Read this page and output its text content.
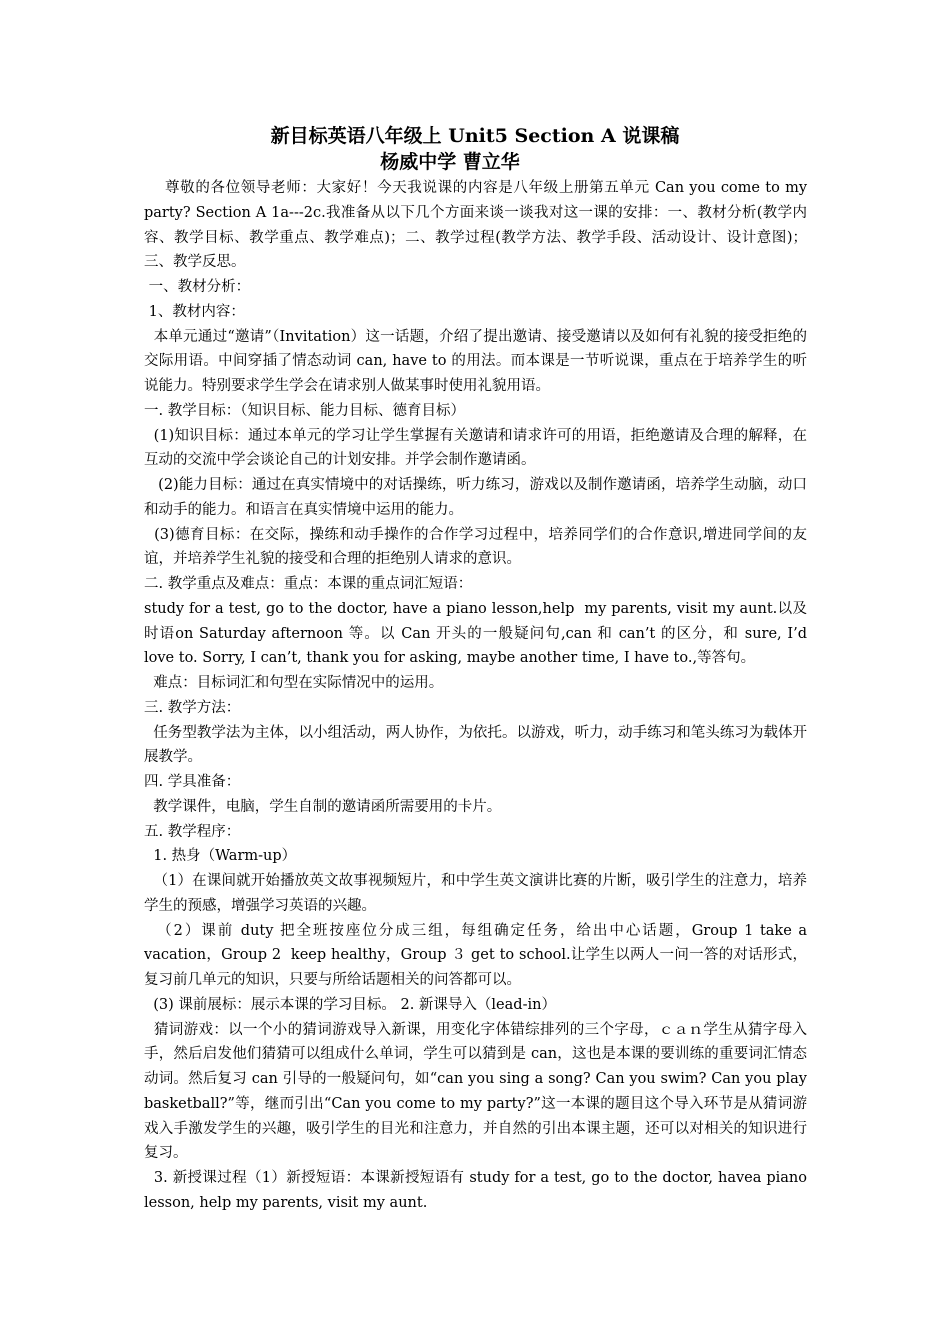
新目标英语八年级上 Unit5 Section A 说课稿
杨威中学 曹立华

尊敬的各位领导老师：大家好！今天我说课的内容是八年级上册第五单元 Can you come to my party? Section A 1a---2c.我准备从以下几个方面来谈一谈我对这一课的安排：一、教材分析(教学内容、教学目标、教学重点、教学难点)；二、教学过程(教学方法、教学手段、活动设计、设计意图)；三、教学反思。

一、教材分析：

1、教材内容：

本单元通过“邀请”（Invitation）这一话题，介绍了提出邀请、接受邀请以及如何有礼貌的接受拒绝的交际用语。中间穿插了情态动词 can, have to 的用法。而本课是一节听说课，重点在于培养学生的听说能力。特别要求学生学会在请求别人做某事时使用礼貌用语。

一. 教学目标：（知识目标、能力目标、德育目标）

(1)知识目标：通过本单元的学习让学生掌握有关邀请和请求许可的用语，拒绝邀请及合理的解释，在互动的交流中学会谈论自己的计划安排。并学会制作邀请函。

(2)能力目标：通过在真实情境中的对话操练，听力练习，游戏以及制作邀请函，培养学生动脑，动口和动手的能力。和语言在真实情境中运用的能力。

(3)德育目标：在交际，操练和动手操作的合作学习过程中，培养同学们的合作意识,增进同学间的友谊，并培养学生礼貌的接受和合理的拒绝别人请求的意识。

二. 教学重点及难点：重点：本课的重点词汇短语：

study for a test, go to the doctor, have a piano lesson,help  my parents, visit my aunt.以及时语on Saturday afternoon 等。以 Can 开头的一般疑问句,can 和 can’t 的区分，和 sure, I’d love to. Sorry, I can’t, thank you for asking, maybe another time, I have to.,等答句。

难点：目标词汇和句型在实际情况中的运用。

三. 教学方法：

任务型教学法为主体，以小组活动，两人协作，为依托。以游戏，听力，动手练习和笔头练习为载体开展教学。

四. 学具准备：

教学课件，电脑，学生自制的邀请函所需要用的卡片。

五. 教学程序：

1. 热身（Warm-up）

（1）在课间就开始播放英文故事视频短片，和中学生英文演讲比赛的片断，吸引学生的注意力，培养学生的预感，增强学习英语的兴趣。

（2）课前 duty 把全班按座位分成三组，每组确定任务，给出中心话题，Group 1 take a vacation，Group 2  keep healthy，Group ３ get to school.让学生以两人一问一答的对话形式，复习前几单元的知识，只要与所给话题相关的问答都可以。

(3) 课前展标：展示本课的学习目标。 2. 新课导入（lead-in）

猜词游戏：以一个小的猜词游戏导入新课，用变化字体错综排列的三个字母，ｃａｎ学生从猜字母入手，然后启发他们猜猜可以组成什么单词，学生可以猜到是 can，这也是本课的要训练的重要词汇情态动词。然后复习 can 引导的一般疑问句，如“can you sing a song? Can you swim? Can you play basketball?”等，继而引出“Can you come to my party?”这一本课的题目这个导入环节是从猜词游戏入手激发学生的兴趣，吸引学生的目光和注意力，并自然的引出本课主题，还可以对相关的知识进行复习。

3. 新授课过程（1）新授短语：本课新授短语有 study for a test, go to the doctor, havea piano lesson, help my parents, visit my aunt.
